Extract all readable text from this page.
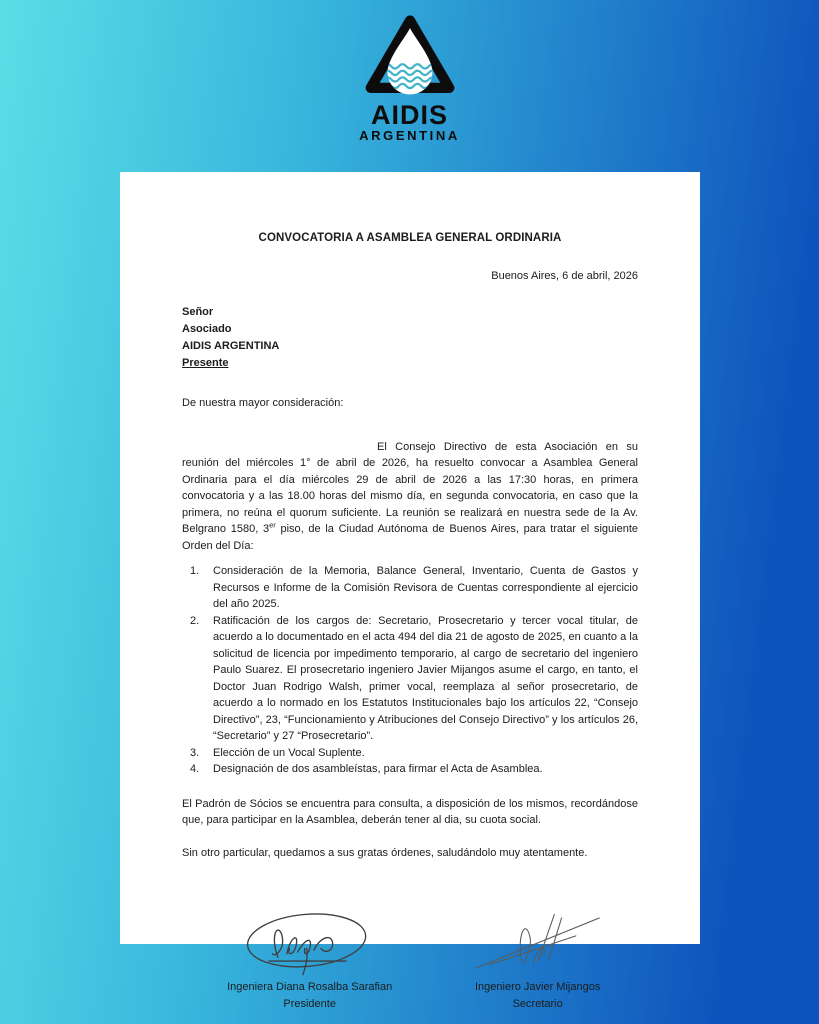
AIDIS
ARGENTINA
CONVOCATORIA A ASAMBLEA GENERAL ORDINARIA
Buenos Aires, 6 de abril, 2026
Señor
Asociado
AIDIS ARGENTINA
Presente
De nuestra mayor consideración:

El Consejo Directivo de esta Asociación en su reunión del miércoles 1° de abril de 2026, ha resuelto convocar a Asamblea General Ordinaria para el día miércoles 29 de abril de 2026 a las 17:30 horas, en primera convocatoria y a las 18.00 horas del mismo día, en segunda convocatoria, en caso que la primera, no reúna el quorum suficiente. La reunión se realizará en nuestra sede de la Av. Belgrano 1580, 3er piso, de la Ciudad Autónoma de Buenos Aires, para tratar el siguiente Orden del Día:

1.	Consideración de la Memoria, Balance General, Inventario, Cuenta de Gastos y Recursos e Informe de la Comisión Revisora de Cuentas correspondiente al ejercicio del año 2025.
2.	Ratificación de los cargos de: Secretario, Prosecretario y tercer vocal titular, de acuerdo a lo documentado en el acta 494 del dia 21 de agosto de 2025, en cuanto a la solicitud de licencia por impedimento temporario, al cargo de secretario del ingeniero Paulo Suarez. El prosecretario ingeniero Javier Mijangos asume el cargo, en tanto, el Doctor Juan Rodrigo Walsh, primer vocal, reemplaza al señor prosecretario, de acuerdo a lo normado en los Estatutos Institucionales bajo los artículos 22, “Consejo Directivo”, 23, “Funcionamiento y Atribuciones del Consejo Directivo” y los artículos 26, “Secretario” y 27 “Prosecretario”.
3.	Elección de un Vocal Suplente.
4.	Designación de dos asambleístas, para firmar el Acta de Asamblea.

El Padrón de Sócios se encuentra para consulta, a disposición de los mismos, recordándose que, para participar en la Asamblea, deberán tener al dia, su cuota social.

Sin otro particular, quedamos a sus gratas órdenes, saludándolo muy atentamente.

Ingeniera Diana Rosalba Sarafian
Presidente
Ingeniero Javier Mijangos
Secretario
